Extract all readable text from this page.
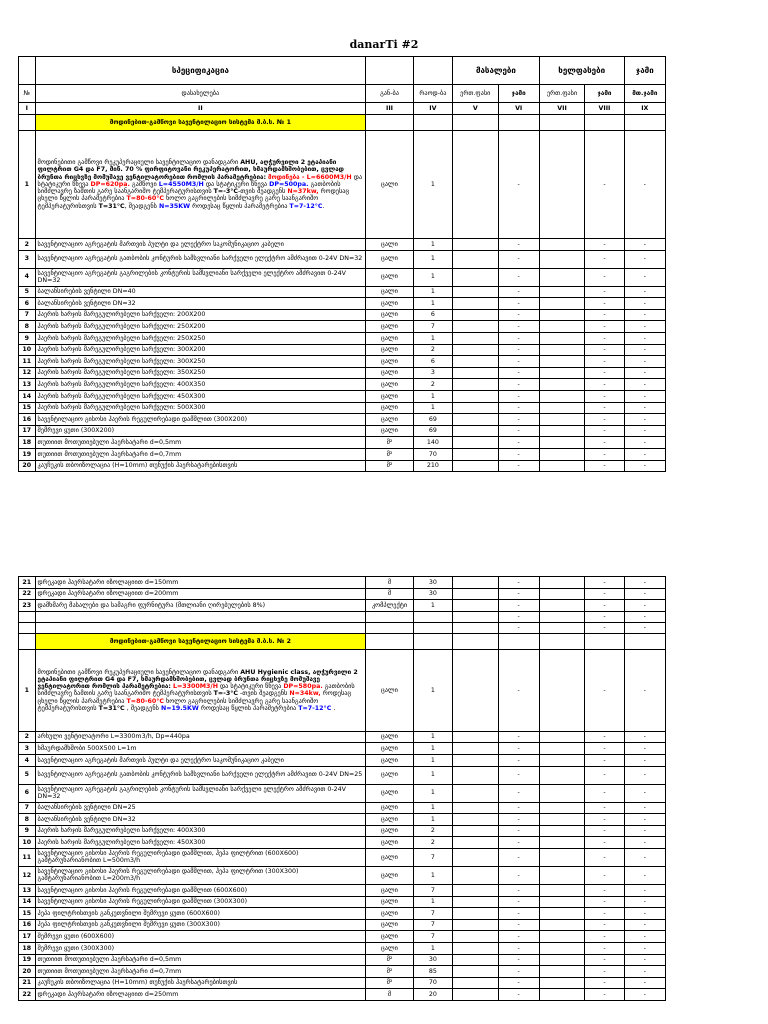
danarTi #2
	სპეციფიკაცია			მასალები		ხელფასები		ჯამი
№	დასახელება	გან-ბა	რაოდ-ბა	ერთ.ფასი	ჯამი	ერთ.ფასი	ჯამი	მთ.ჯამი
I	II	III	IV	V	VI	VII	VIII	IX
	მოდინებით-გამწოვი სავენტილაციო სისტემა მ.ბ.ს. № 1							
1	მოდინებითი გამწოვი რეკუპერაციული სავენტილაციო დანადგარი AHU, აღჭურვილი 2 ეტაპიანი ფილტრით G4 და F7, მინ. 70 % ფირფიტოვანი რეკუპერატორით, ხმაურდამხშობებით, ცვლად ბრუნთა რიცხვზე მომუშავე ვენტილატორებით რომლის პარამეტრებია: მოდინება - L=6600M3/H და სტატიკური წნევა DP=620pa. გამწოვი L=4550M3/H და სტატიკური წნევა DP=500pa. გათბობის სიმძლავრე ზამთის გარე საანგარიშო ტემპერატურისთვის T=-3°C-თვის შეადგენს N=37kw, როდესაც ცხელი წყლის პარამეტრებია T=80-60°C ხოლო გაგრილების სიმძლავრე გარე საანგარიშო ტემპერატურისთვის T=31°C, შეადგენს N=35KW როდესაც წყლის პარამეტრებია T=7-12°C.	ცალი	1		-		-	-
2	სავენტილაციო აგრეგატის მართვის პულტი და ელექტრო საკომუნიკაციო კაბელი	ცალი	1		-		-	-
3	სავენტილაციო აგრეგატის გათბობის კონტურის სამსვლიანი სარქველი ელექტრო ამძრავით 0-24V DN=32	ცალი	1		-		-	-
4	სავენტილაციო აგრეგატის გაგრილების კონტურის სამსვლიანი სარქველი ელექტრო ამძრავით 0-24V DN=32	ცალი	1		-		-	-
5	ბალანსირების ვენტილი DN=40	ცალი	1		-		-	-
6	ბალანსირების ვენტილი DN=32	ცალი	1		-		-	-
7	ჰაერის ხარჯის მარეგულირებელი სარქველი: 200X200	ცალი	6		-		-	-
8	ჰაერის ხარჯის მარეგულირებელი სარქველი: 250X200	ცალი	7		-		-	-
9	ჰაერის ხარჯის მარეგულირებელი სარქველი: 250X250	ცალი	1		-		-	-
10	ჰაერის ხარჯის მარეგულირებელი სარქველი: 300X200	ცალი	2		-		-	-
11	ჰაერის ხარჯის მარეგულირებელი სარქველი: 300X250	ცალი	6		-		-	-
12	ჰაერის ხარჯის მარეგულირებელი სარქველი: 350X250	ცალი	3		-		-	-
13	ჰაერის ხარჯის მარეგულირებელი სარქველი: 400X350	ცალი	2		-		-	-
14	ჰაერის ხარჯის მარეგულირებელი სარქველი: 450X300	ცალი	1		-		-	-
15	ჰაერის ხარჯის მარეგულირებელი სარქველი: 500X300	ცალი	1		-		-	-
16	სავენტილაციო გისოსი ჰაერის რეგულირებადი დამშლით (300X200)	ცალი	69		-		-	-
17	შემრევი ყუთი (300X200)	ცალი	69		-		-	-
18	თუთიით მოთუთიებული ჰაერსატარი d=0,5mm	მ²	140		-		-	-
19	თუთიით მოთუთიებული ჰაერსატარი d=0,7mm	მ²	70		-		-	-
20	კაუჩუკის თბოიზოლაცია (H=10mm) თუნუქის ჰაერსატარებისთვის	მ²	210		-		-	-
21	დრეკადი ჰაერსატარი იზოლაციით d=150mm	მ	30		-		-	-
22	დრეკადი ჰაერსატარი იზოლაციით d=200mm	მ	30		-		-	-
23	დამხმარე მასალები და სამაგრი ფურნიტურა (მთლიანი ღირებულების 8%)	კომპლექტი	1		-		-	-
					-		-	-
					-		-	-
	მოდინებით-გამწოვი სავენტილაციო სისტემა მ.ბ.ს. № 2							
1	მოდინებითი გამწოვი რეკუპერაციული სავენტილაციო დანადგარი AHU Hygienic class, აღჭურვილი 2 ეტაპიანი ფილტრით G4 და F7, ხმაურდამხშობებით, ცვლად ბრუნთა რიცხვზე მომუშავე ვენტილატორით რომლის პარამეტრებია: L=3300M3/H და სტატიკური წნევა DP=580pa. გათბობის სიმძლავრე ზამთის გარე საანგარიშო ტემპერატურისთვის T=-3°C -თვის შეადგენს N=34kw, როდესაც ცხელი წყლის პარამეტრებია T=80-60°C ხოლო გაგრილების სიმძლავრე გარე საანგარიშო ტემპერატურისთვის T=31°C , შეადგენს N=19.5KW როდესაც წყლის პარამეტრებია T=7-12°C .	ცალი	1		-		-	-
2	არხული ვენტილატორი L=3300m3/h, Dp=440pa	ცალი	1		-		-	-
3	ხმაურდამხშობი 500X500 L=1m	ცალი	1		-		-	-
4	სავენტილაციო აგრეგატის მართვის პულტი და ელექტრო საკომუნიკაციო კაბელი	ცალი	1		-		-	-
5	სავენტილაციო აგრეგატის გათბობის კონტურის სამსვლიანი სარქველი ელექტრო ამძრავით 0-24V DN=25	ცალი	1		-		-	-
6	სავენტილაციო აგრეგატის გაგრილების კონტურის სამსვლიანი სარქველი ელექტრო ამძრავით 0-24V DN=32	ცალი	1		-		-	-
7	ბალანსირების ვენტილი DN=25	ცალი	1		-		-	-
8	ბალანსირების ვენტილი DN=32	ცალი	1		-		-	-
9	ჰაერის ხარჯის მარეგულირებელი სარქველი: 400X300	ცალი	2		-		-	-
10	ჰაერის ხარჯის მარეგულირებელი სარქველი: 450X300	ცალი	2		-		-	-
11	სავენტილაციო გისოსი ჰაერის რეგულირებადი დამშლით, ჰეპა ფილტრით (600X600) გამტარუნარიანობით L=500m3/h	ცალი	7		-		-	-
12	სავენტილაციო გისოსი ჰაერის რეგულირებადი დამშლით, ჰეპა ფილტრით (300X300) გამტარუნარიანობით L=200m3/h	ცალი	1		-		-	-
13	სავენტილაციო გისოსი ჰაერის რეგულირებადი დამშლით (600X600)	ცალი	7		-		-	-
14	სავენტილაციო გისოსი ჰაერის რეგულირებადი დამშლით (300X300)	ცალი	1		-		-	-
15	ჰეპა ფილტრისთვის განკუთვნილი შემრევი ყუთი (600X600)	ცალი	7		-		-	-
16	ჰეპა ფილტრისთვის განკუთვნილი შემრევი ყუთი (300X300)	ცალი	7		-		-	-
17	შემრევი ყუთი (600X600)	ცალი	7		-		-	-
18	შემრევი ყუთი (300X300)	ცალი	1		-		-	-
19	თუთიით მოთუთიებული ჰაერსატარი d=0,5mm	მ²	30		-		-	-
20	თუთიით მოთუთიებული ჰაერსატარი d=0,7mm	მ²	85		-		-	-
21	კაუჩუკის თბოიზოლაცია (H=10mm) თუნუქის ჰაერსატარებისთვის	მ²	70		-		-	-
22	დრეკადი ჰაერსატარი იზოლაციით d=250mm	მ	20		-		-	-
